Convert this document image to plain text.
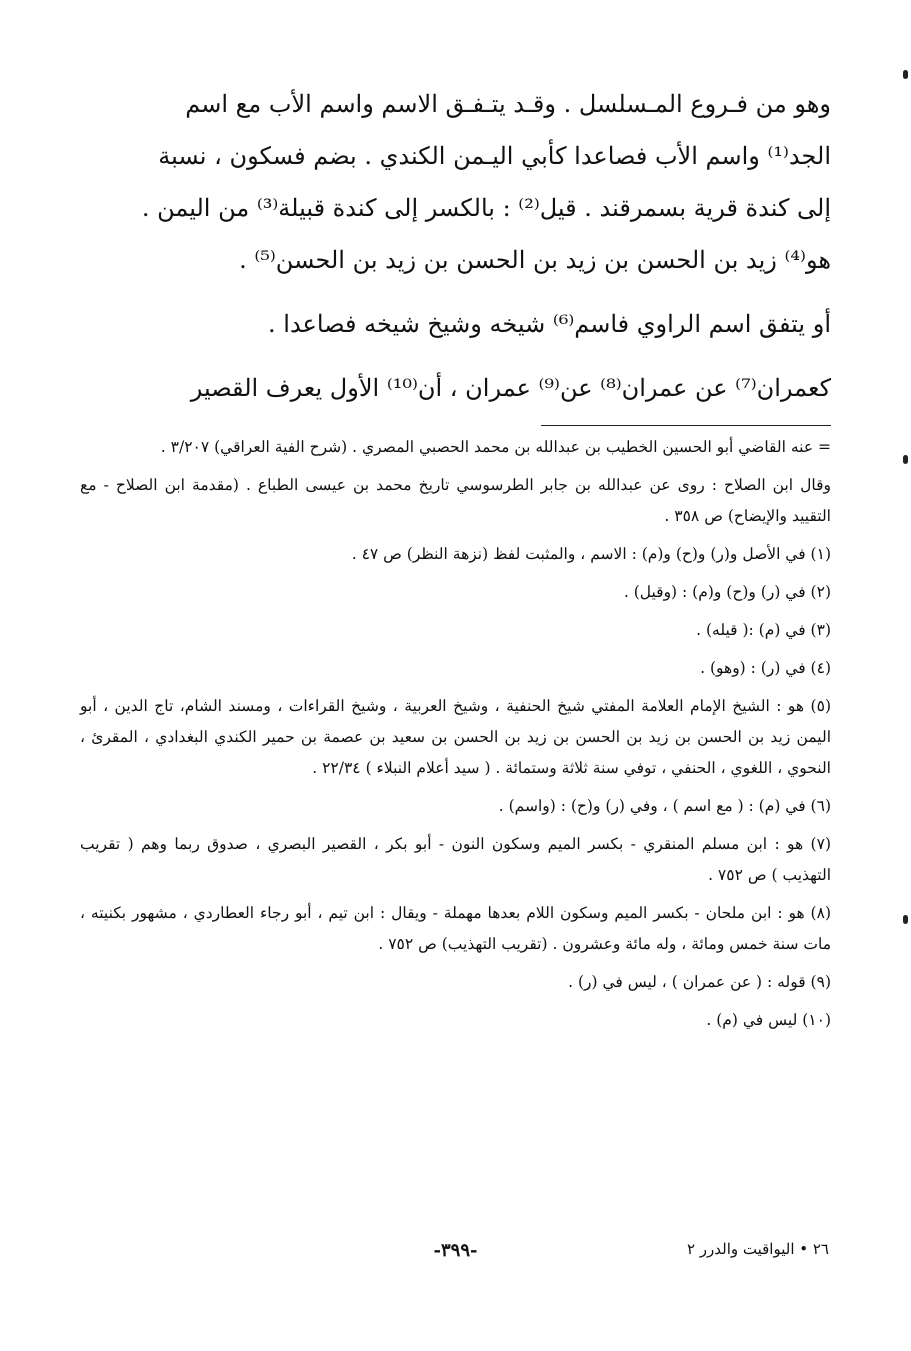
وهو من فـروع المـسلسل . وقـد يتـفـق الاسم واسم الأب مع اسم

الجد⁽¹⁾ واسم الأب فصاعدا كأبي اليـمن الكندي . بضم فسكون ، نسبة

إلى كندة قرية بسمرقند . قيل⁽²⁾ : بالكسر إلى كندة قبيلة⁽³⁾ من اليمن .

هو⁽⁴⁾ زيد بن الحسن بن زيد بن الحسن بن زيد بن الحسن⁽⁵⁾ .

أو يتفق اسم الراوي فاسم⁽⁶⁾ شيخه وشيخ شيخه فصاعدا .

كعمران⁽⁷⁾ عن عمران⁽⁸⁾ عن⁽⁹⁾ عمران ، أن⁽¹⁰⁾ الأول يعرف القصير

= عنه القاضي أبو الحسين الخطيب بن عبدالله بن محمد الحصبي المصري . (شرح الفية العراقي) ٣/٢٠٧ .

وقال ابن الصلاح : روى عن عبدالله بن جابر الطرسوسي تاريخ محمد بن عيسى الطباع . (مقدمة ابن الصلاح - مع التقييد والإيضاح) ص ٣٥٨ .

(١) في الأصل و(ر) و(ح) و(م) : الاسم ، والمثبت لفظ (نزهة النظر) ص ٤٧ .

(٢) في (ر) و(ح) و(م) : (وقيل) .

(٣) في (م) :( قيله) .

(٤) في (ر) : (وهو) .

(٥) هو : الشيخ الإمام العلامة المفتي شيخ الحنفية ، وشيخ العربية ، وشيخ القراءات ، ومسند الشام، تاج الدين ، أبو اليمن زيد بن الحسن بن زيد بن الحسن بن زيد بن الحسن بن سعيد بن عصمة بن حمير الكندي البغدادي ، المقرئ ، النحوي ، اللغوي ، الحنفي ، توفي سنة ثلاثة وستمائة . ( سيد أعلام النبلاء ) ٢٢/٣٤ .

(٦) في (م) : ( مع اسم ) ، وفي (ر) و(ح) : (واسم) .

(٧) هو : ابن مسلم المنقري - بكسر الميم وسكون النون - أبو بكر ، القصير البصري ، صدوق ربما وهم ( تقريب التهذيب ) ص ٧٥٢ .

(٨) هو : ابن ملحان - بكسر الميم وسكون اللام بعدها مهملة - ويقال : ابن تيم ، أبو رجاء العطاردي ، مشهور بكنيته ، مات سنة خمس ومائة ، وله مائة وعشرون . (تقريب التهذيب) ص ٧٥٢ .

(٩) قوله : ( عن عمران ) ، ليس في (ر) .

(١٠) ليس في (م) .

٢٦ • اليواقيت والدرر ٢
-٣٩٩-
